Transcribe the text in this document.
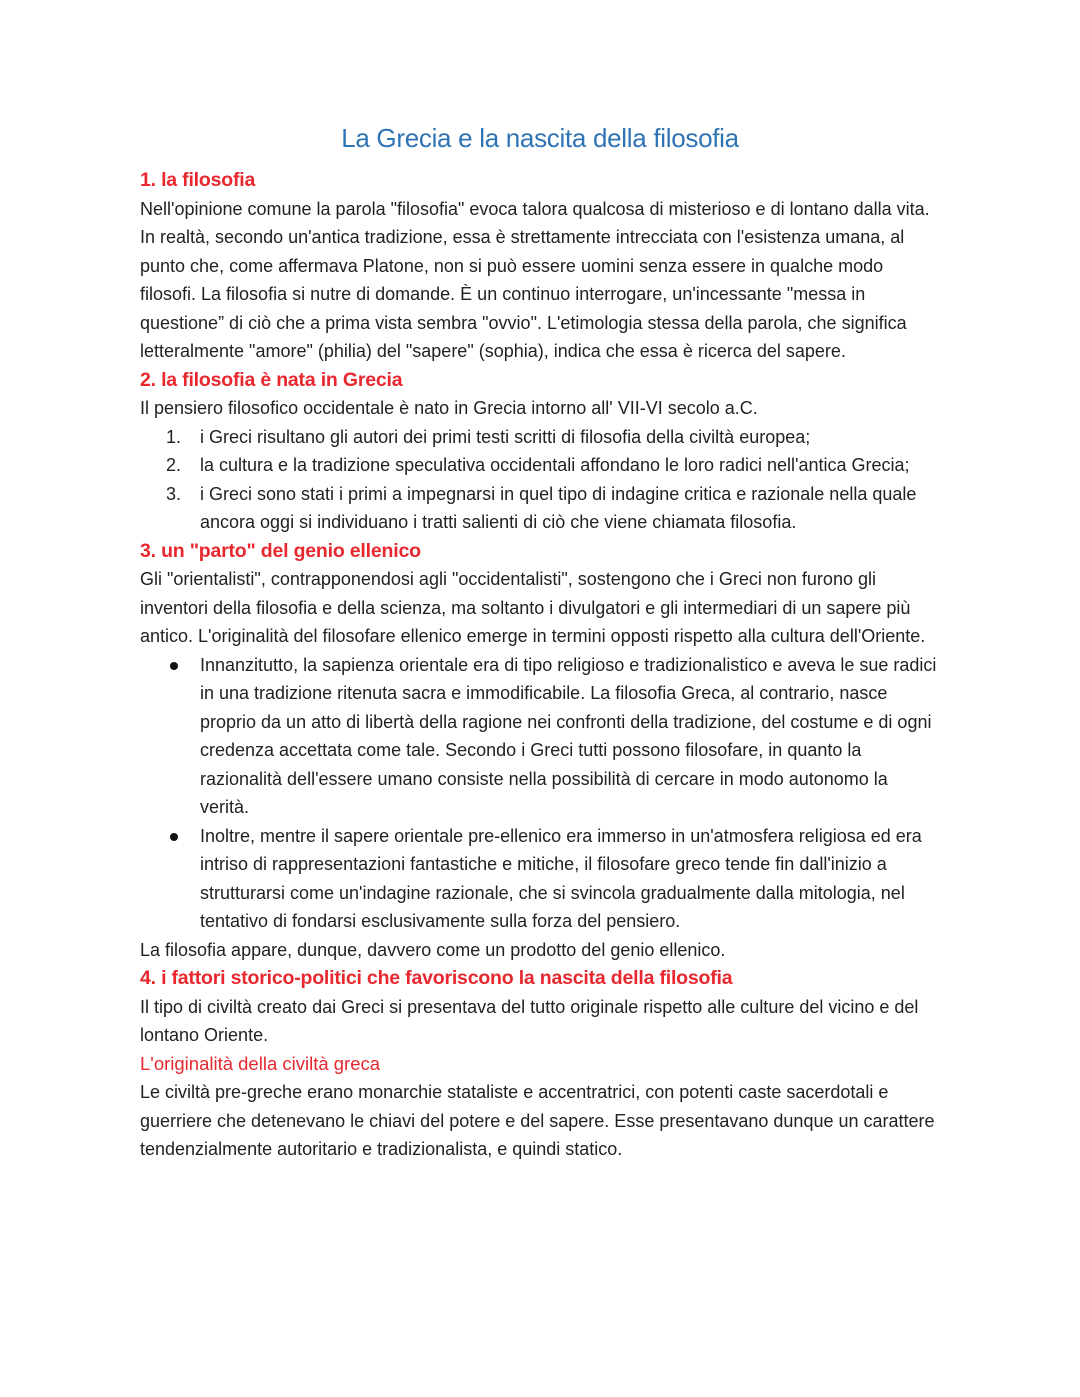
La Grecia e la nascita della filosofia
1. la filosofia

Nell'opinione comune la parola "filosofia" evoca talora qualcosa di misterioso e di lontano dalla vita. In realtà, secondo un'antica tradizione, essa è strettamente intrecciata con l'esistenza umana, al punto che, come affermava Platone, non si può essere uomini senza essere in qualche modo filosofi. La filosofia si nutre di domande. È un continuo interrogare, un'incessante "messa in questione” di ciò che a prima vista sembra "ovvio". L'etimologia stessa della parola, che significa letteralmente "amore" (philia) del "sapere" (sophia), indica che essa è ricerca del sapere.

2. la filosofia è nata in Grecia

Il pensiero filosofico occidentale è nato in Grecia intorno all' VII-VI secolo a.C.

1.	i Greci risultano gli autori dei primi testi scritti di filosofia della civiltà europea;
2.	la cultura e la tradizione speculativa occidentali affondano le loro radici nell'antica Grecia;
3.	i Greci sono stati i primi a impegnarsi in quel tipo di indagine critica e razionale nella quale ancora oggi si individuano i tratti salienti di ciò che viene chiamata filosofia.
3. un "parto" del genio ellenico

Gli "orientalisti", contrapponendosi agli "occidentalisti", sostengono che i Greci non furono gli inventori della filosofia e della scienza, ma soltanto i divulgatori e gli intermediari di un sapere più antico. L'originalità del filosofare ellenico emerge in termini opposti rispetto alla cultura dell'Oriente.

Innanzitutto, la sapienza orientale era di tipo religioso e tradizionalistico e aveva le sue radici in una tradizione ritenuta sacra e immodificabile. La filosofia Greca, al contrario, nasce proprio da un atto di libertà della ragione nei confronti della tradizione, del costume e di ogni credenza accettata come tale. Secondo i Greci tutti possono filosofare, in quanto la razionalità dell'essere umano consiste nella possibilità di cercare in modo autonomo la verità.
Inoltre, mentre il sapere orientale pre-ellenico era immerso in un'atmosfera religiosa ed era intriso di rappresentazioni fantastiche e mitiche, il filosofare greco tende fin dall'inizio a strutturarsi come un'indagine razionale, che si svincola gradualmente dalla mitologia, nel tentativo di fondarsi esclusivamente sulla forza del pensiero.

La filosofia appare, dunque, davvero come un prodotto del genio ellenico.

4. i fattori storico-politici che favoriscono la nascita della filosofia

Il tipo di civiltà creato dai Greci si presentava del tutto originale rispetto alle culture del vicino e del lontano Oriente.

L'originalità della civiltà greca

Le civiltà pre-greche erano monarchie stataliste e accentratrici, con potenti caste sacerdotali e guerriere che detenevano le chiavi del potere e del sapere. Esse presentavano dunque un carattere tendenzialmente autoritario e tradizionalista, e quindi statico.
